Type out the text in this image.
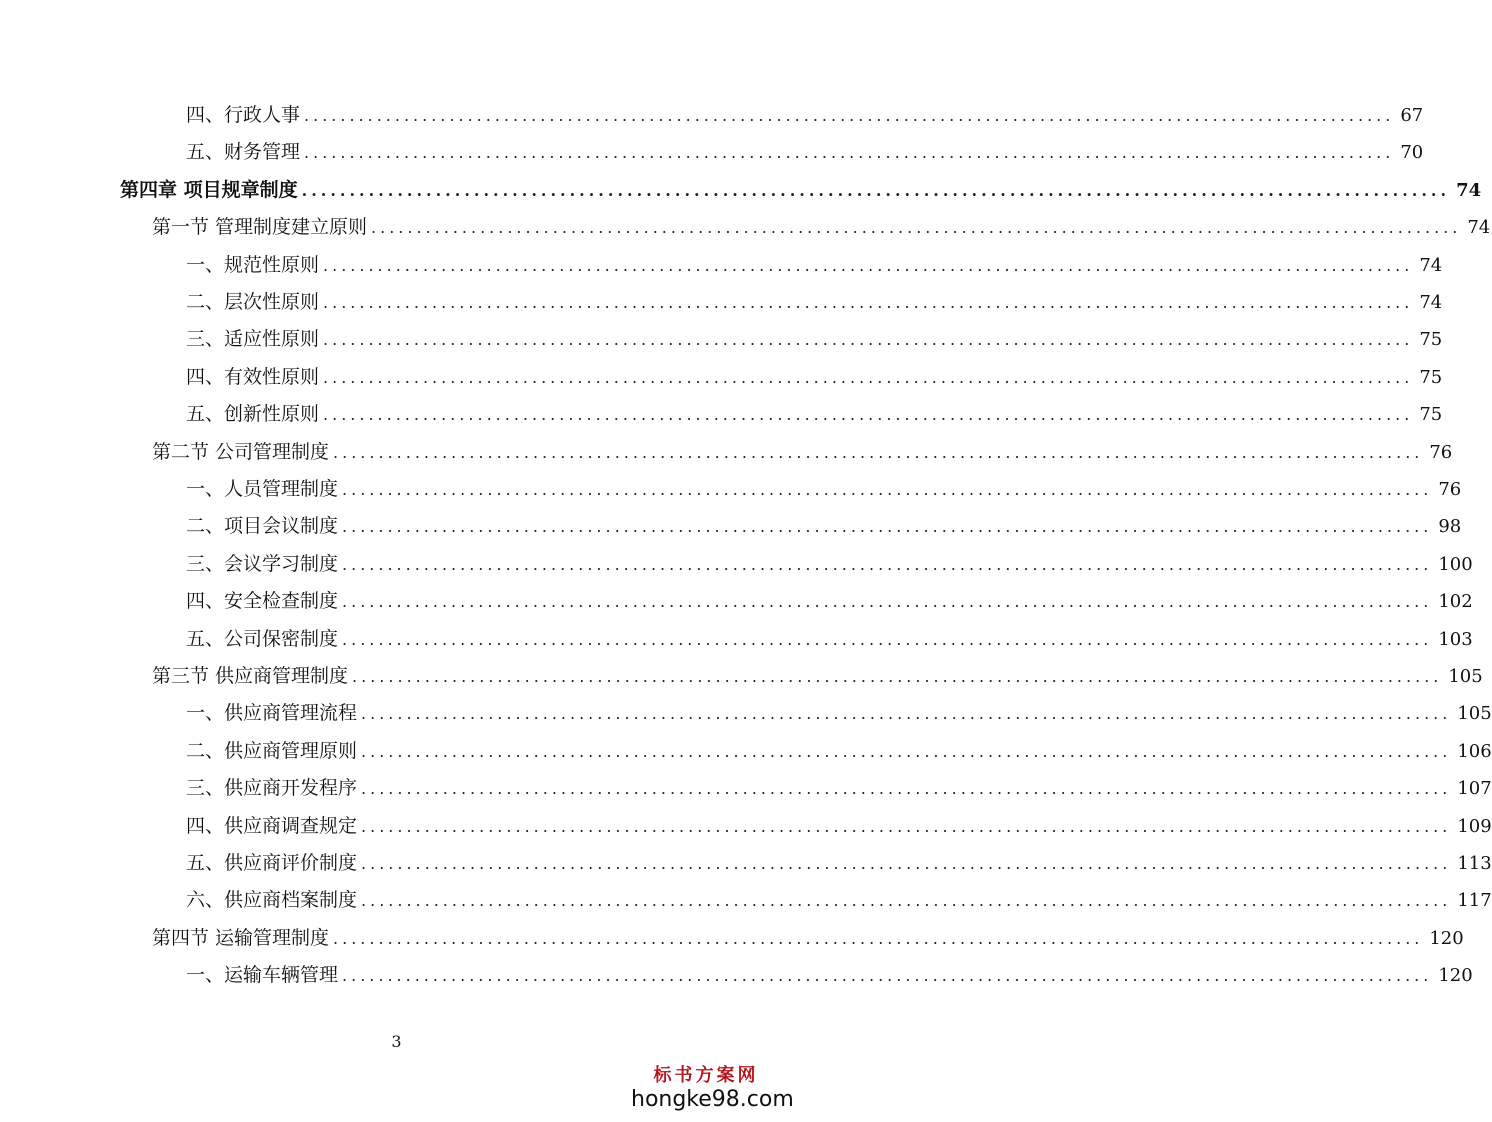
四、行政人事 ........................................................................................................................ 67
五、财务管理 ........................................................................................................................ 70
第四章 项目规章制度 ........................................................................................................................ 74
第一节 管理制度建立原则 ........................................................................................................................ 74
一、规范性原则 ........................................................................................................................ 74
二、层次性原则 ........................................................................................................................ 74
三、适应性原则 ........................................................................................................................ 75
四、有效性原则 ........................................................................................................................ 75
五、创新性原则 ........................................................................................................................ 75
第二节 公司管理制度 ........................................................................................................................ 76
一、人员管理制度 ........................................................................................................................ 76
二、项目会议制度 ........................................................................................................................ 98
三、会议学习制度 ........................................................................................................................ 100
四、安全检查制度 ........................................................................................................................ 102
五、公司保密制度 ........................................................................................................................ 103
第三节 供应商管理制度 ........................................................................................................................ 105
一、供应商管理流程 ........................................................................................................................ 105
二、供应商管理原则 ........................................................................................................................ 106
三、供应商开发程序 ........................................................................................................................ 107
四、供应商调查规定 ........................................................................................................................ 109
五、供应商评价制度 ........................................................................................................................ 113
六、供应商档案制度 ........................................................................................................................ 117
第四节 运输管理制度 ........................................................................................................................ 120
一、运输车辆管理 ........................................................................................................................ 120
3
标书方案网
hongke98.com
